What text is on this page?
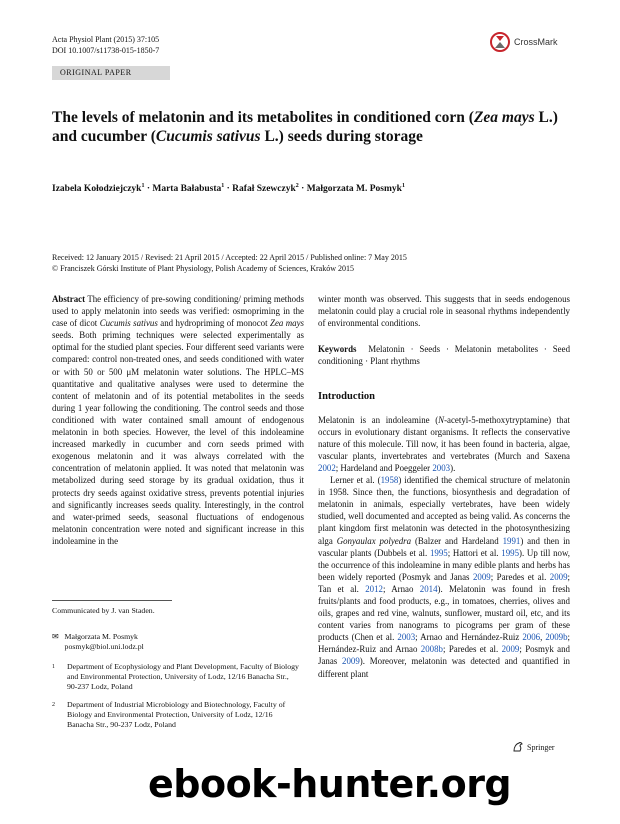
Acta Physiol Plant (2015) 37:105
DOI 10.1007/s11738-015-1850-7
CrossMark
ORIGINAL PAPER
The levels of melatonin and its metabolites in conditioned corn (Zea mays L.) and cucumber (Cucumis sativus L.) seeds during storage
Izabela Kołodziejczyk$^1$ · Marta Bałabusta$^1$ · Rafał Szewczyk$^2$ · Małgorzata M. Posmyk$^1$
Received: 12 January 2015 / Revised: 21 April 2015 / Accepted: 22 April 2015 / Published online: 7 May 2015
© Franciszek Górski Institute of Plant Physiology, Polish Academy of Sciences, Kraków 2015

Abstract The efficiency of pre-sowing conditioning/ priming methods used to apply melatonin into seeds was verified: osmopriming in the case of dicot Cucumis sativus and hydropriming of monocot Zea mays seeds. Both priming techniques were selected experimentally as optimal for the studied plant species. Four different seed variants were compared: control non-treated ones, and seeds conditioned with water or with 50 or 500 μM melatonin water solutions. The HPLC–MS quantitative and qualitative analyses were used to determine the content of melatonin and of its potential metabolites in the seeds during 1 year following the conditioning. The control seeds and those conditioned with water contained small amount of endogenous melatonin in both species. However, the level of this indoleamine increased markedly in cucumber and corn seeds primed with exogenous melatonin and it was always correlated with the concentration of melatonin applied. It was noted that melatonin was metabolized during seed storage by its gradual oxidation, thus it protects dry seeds against oxidative stress, prevents potential injuries and significantly increases seeds quality. Interestingly, in the control and water-primed seeds, seasonal fluctuations of endogenous melatonin concentration were noted and significant increase in this indoleamine in the

winter month was observed. This suggests that in seeds endogenous melatonin could play a crucial role in seasonal rhythms independently of environmental conditions.

Keywords Melatonin · Seeds · Melatonin metabolites · Seed conditioning · Plant rhythms

Introduction

Melatonin is an indoleamine (N-acetyl-5-methoxytryptamine) that occurs in evolutionary distant organisms. It reflects the conservative nature of this molecule. Till now, it has been found in bacteria, algae, vascular plants, invertebrates and vertebrates (Murch and Saxena 2002; Hardeland and Poeggeler 2003).

Lerner et al. (1958) identified the chemical structure of melatonin in 1958. Since then, the functions, biosynthesis and degradation of melatonin in animals, especially vertebrates, have been widely studied, well documented and accepted as being valid. As concerns the plant kingdom first melatonin was detected in the photosynthesizing alga Gonyaulax polyedra (Balzer and Hardeland 1991) and then in vascular plants (Dubbels et al. 1995; Hattori et al. 1995). Up till now, the occurrence of this indoleamine in many edible plants and herbs has been widely reported (Posmyk and Janas 2009; Paredes et al. 2009; Tan et al. 2012; Arnao 2014). Melatonin was found in fresh fruits/plants and food products, e.g., in tomatoes, cherries, olives and oils, grapes and red vine, walnuts, sunflower, mustard oil, etc, and its content varies from nanograms to picograms per gram of these products (Chen et al. 2003; Arnao and Hernández-Ruiz 2006, 2009b; Hernández-Ruiz and Arnao 2008b; Paredes et al. 2009; Posmyk and Janas 2009). Moreover, melatonin was detected and quantified in different plant

Communicated by J. van Staden.
✉ Małgorzata M. Posmyk
posmyk@biol.uni.lodz.pl
1 Department of Ecophysiology and Plant Development, Faculty of Biology and Environmental Protection, University of Lodz, 12/16 Banacha Str., 90-237 Lodz, Poland
2 Department of Industrial Microbiology and Biotechnology, Faculty of Biology and Environmental Protection, University of Lodz, 12/16 Banacha Str., 90-237 Lodz, Poland
Springer
ebook-hunter.org
